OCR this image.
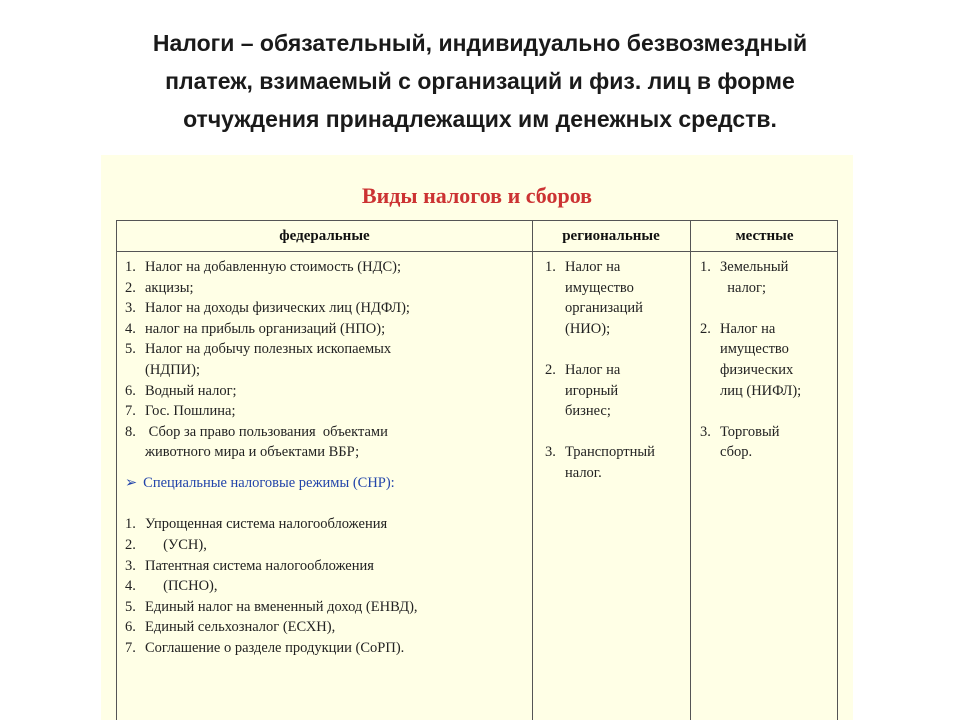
Налоги – обязательный, индивидуально безвозмездный
платеж, взимаемый с организаций и физ. лиц в форме
отчуждения принадлежащих им денежных средств.
Виды налогов и сборов
федеральные	региональные	местные
1. Налог на добавленную стоимость (НДС);
2. акцизы;
3. Налог на доходы физических лиц (НДФЛ);
4. налог на прибыль организаций (НПО);
5. Налог на добычу полезных ископаемых
(НДПИ);
6. Водный налог;
7. Гос. Пошлина;
8. Сбор за право пользования  объектами
животного мира и объектами ВБР;
➢ Специальные налоговые режимы (СНР):
1. Упрощенная система налогообложения
2. (УСН),
3. Патентная система налогообложения
4. (ПСНО),
5. Единый налог на вмененный доход (ЕНВД),
6. Единый сельхозналог (ЕСХН),
7. Соглашение о разделе продукции (СоРП).
1. Налог на
имущество
организаций
(НИО);
2. Налог на
игорный
бизнес;
3. Транспортный
налог.
1. Земельный
налог;
2. Налог на
имущество
физических
лиц (НИФЛ);
3. Торговый
сбор.
